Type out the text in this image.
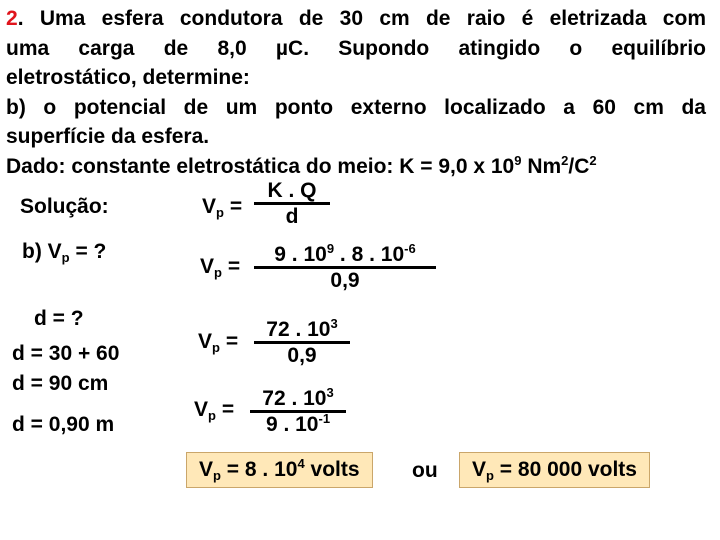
2. Uma esfera condutora de 30 cm de raio é eletrizada com
uma carga de 8,0 µC. Supondo atingido o equilíbrio
eletrostático, determine:
b) o potencial de um ponto externo localizado a 60 cm da
superfície da esfera.
Dado: constante eletrostática do meio: K = 9,0 x $10^9$ $Nm^2/C^2$
Solução:
b) $V_p$ = ?
d = ?
d = 30 + 60
d = 90 cm
d = 0,90 m
$V_p = \frac{K . Q}{d}$
$V_p = \frac{9 . 10^9 . 8 . 10^{-6}}{0,9}$
$V_p = \frac{72 . 10^3}{0,9}$
$V_p = \frac{72 . 10^3}{9 . 10^{-1}}$
$V_p = 8$ . $10^4$ volts	ou	$V_p = 80$ 000 volts
